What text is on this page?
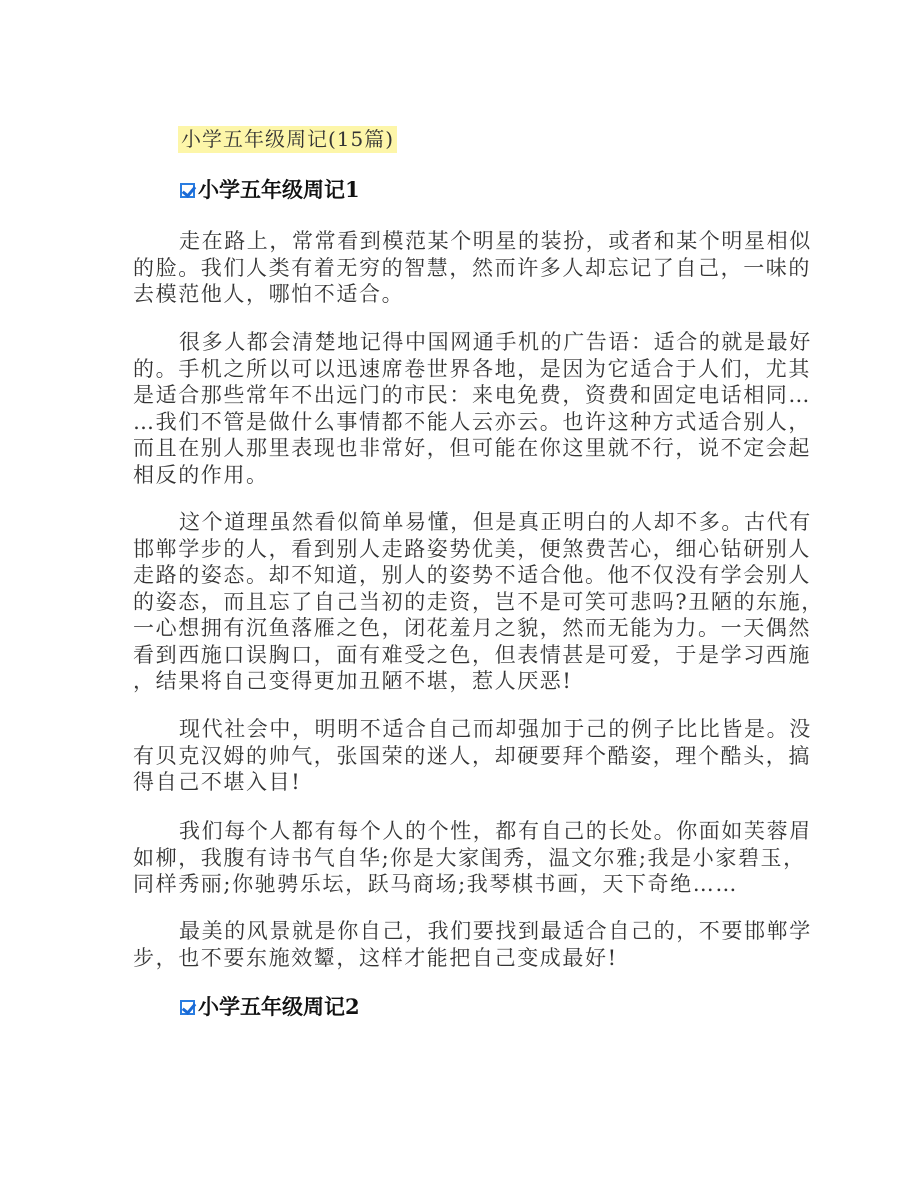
小学五年级周记(15篇)
小学五年级周记1
走在路上，常常看到模范某个明星的装扮，或者和某个明星相似
的脸。我们人类有着无穷的智慧，然而许多人却忘记了自己，一味的
去模范他人，哪怕不适合。
很多人都会清楚地记得中国网通手机的广告语：适合的就是最好
的。手机之所以可以迅速席卷世界各地，是因为它适合于人们，尤其
是适合那些常年不出远门的市民：来电免费，资费和固定电话相同…
…我们不管是做什么事情都不能人云亦云。也许这种方式适合别人，
而且在别人那里表现也非常好，但可能在你这里就不行，说不定会起
相反的作用。
这个道理虽然看似简单易懂，但是真正明白的人却不多。古代有
邯郸学步的人，看到别人走路姿势优美，便煞费苦心，细心钻研别人
走路的姿态。却不知道，别人的姿势不适合他。他不仅没有学会别人
的姿态，而且忘了自己当初的走资，岂不是可笑可悲吗?丑陋的东施，
一心想拥有沉鱼落雁之色，闭花羞月之貌，然而无能为力。一天偶然
看到西施口误胸口，面有难受之色，但表情甚是可爱，于是学习西施
，结果将自己变得更加丑陋不堪，惹人厌恶!
现代社会中，明明不适合自己而却强加于己的例子比比皆是。没
有贝克汉姆的帅气，张国荣的迷人，却硬要拜个酷姿，理个酷头，搞
得自己不堪入目!
我们每个人都有每个人的个性，都有自己的长处。你面如芙蓉眉
如柳，我腹有诗书气自华;你是大家闺秀，温文尔雅;我是小家碧玉，
同样秀丽;你驰骋乐坛，跃马商场;我琴棋书画，天下奇绝……
最美的风景就是你自己，我们要找到最适合自己的，不要邯郸学
步，也不要东施效颦，这样才能把自己变成最好!
小学五年级周记2
